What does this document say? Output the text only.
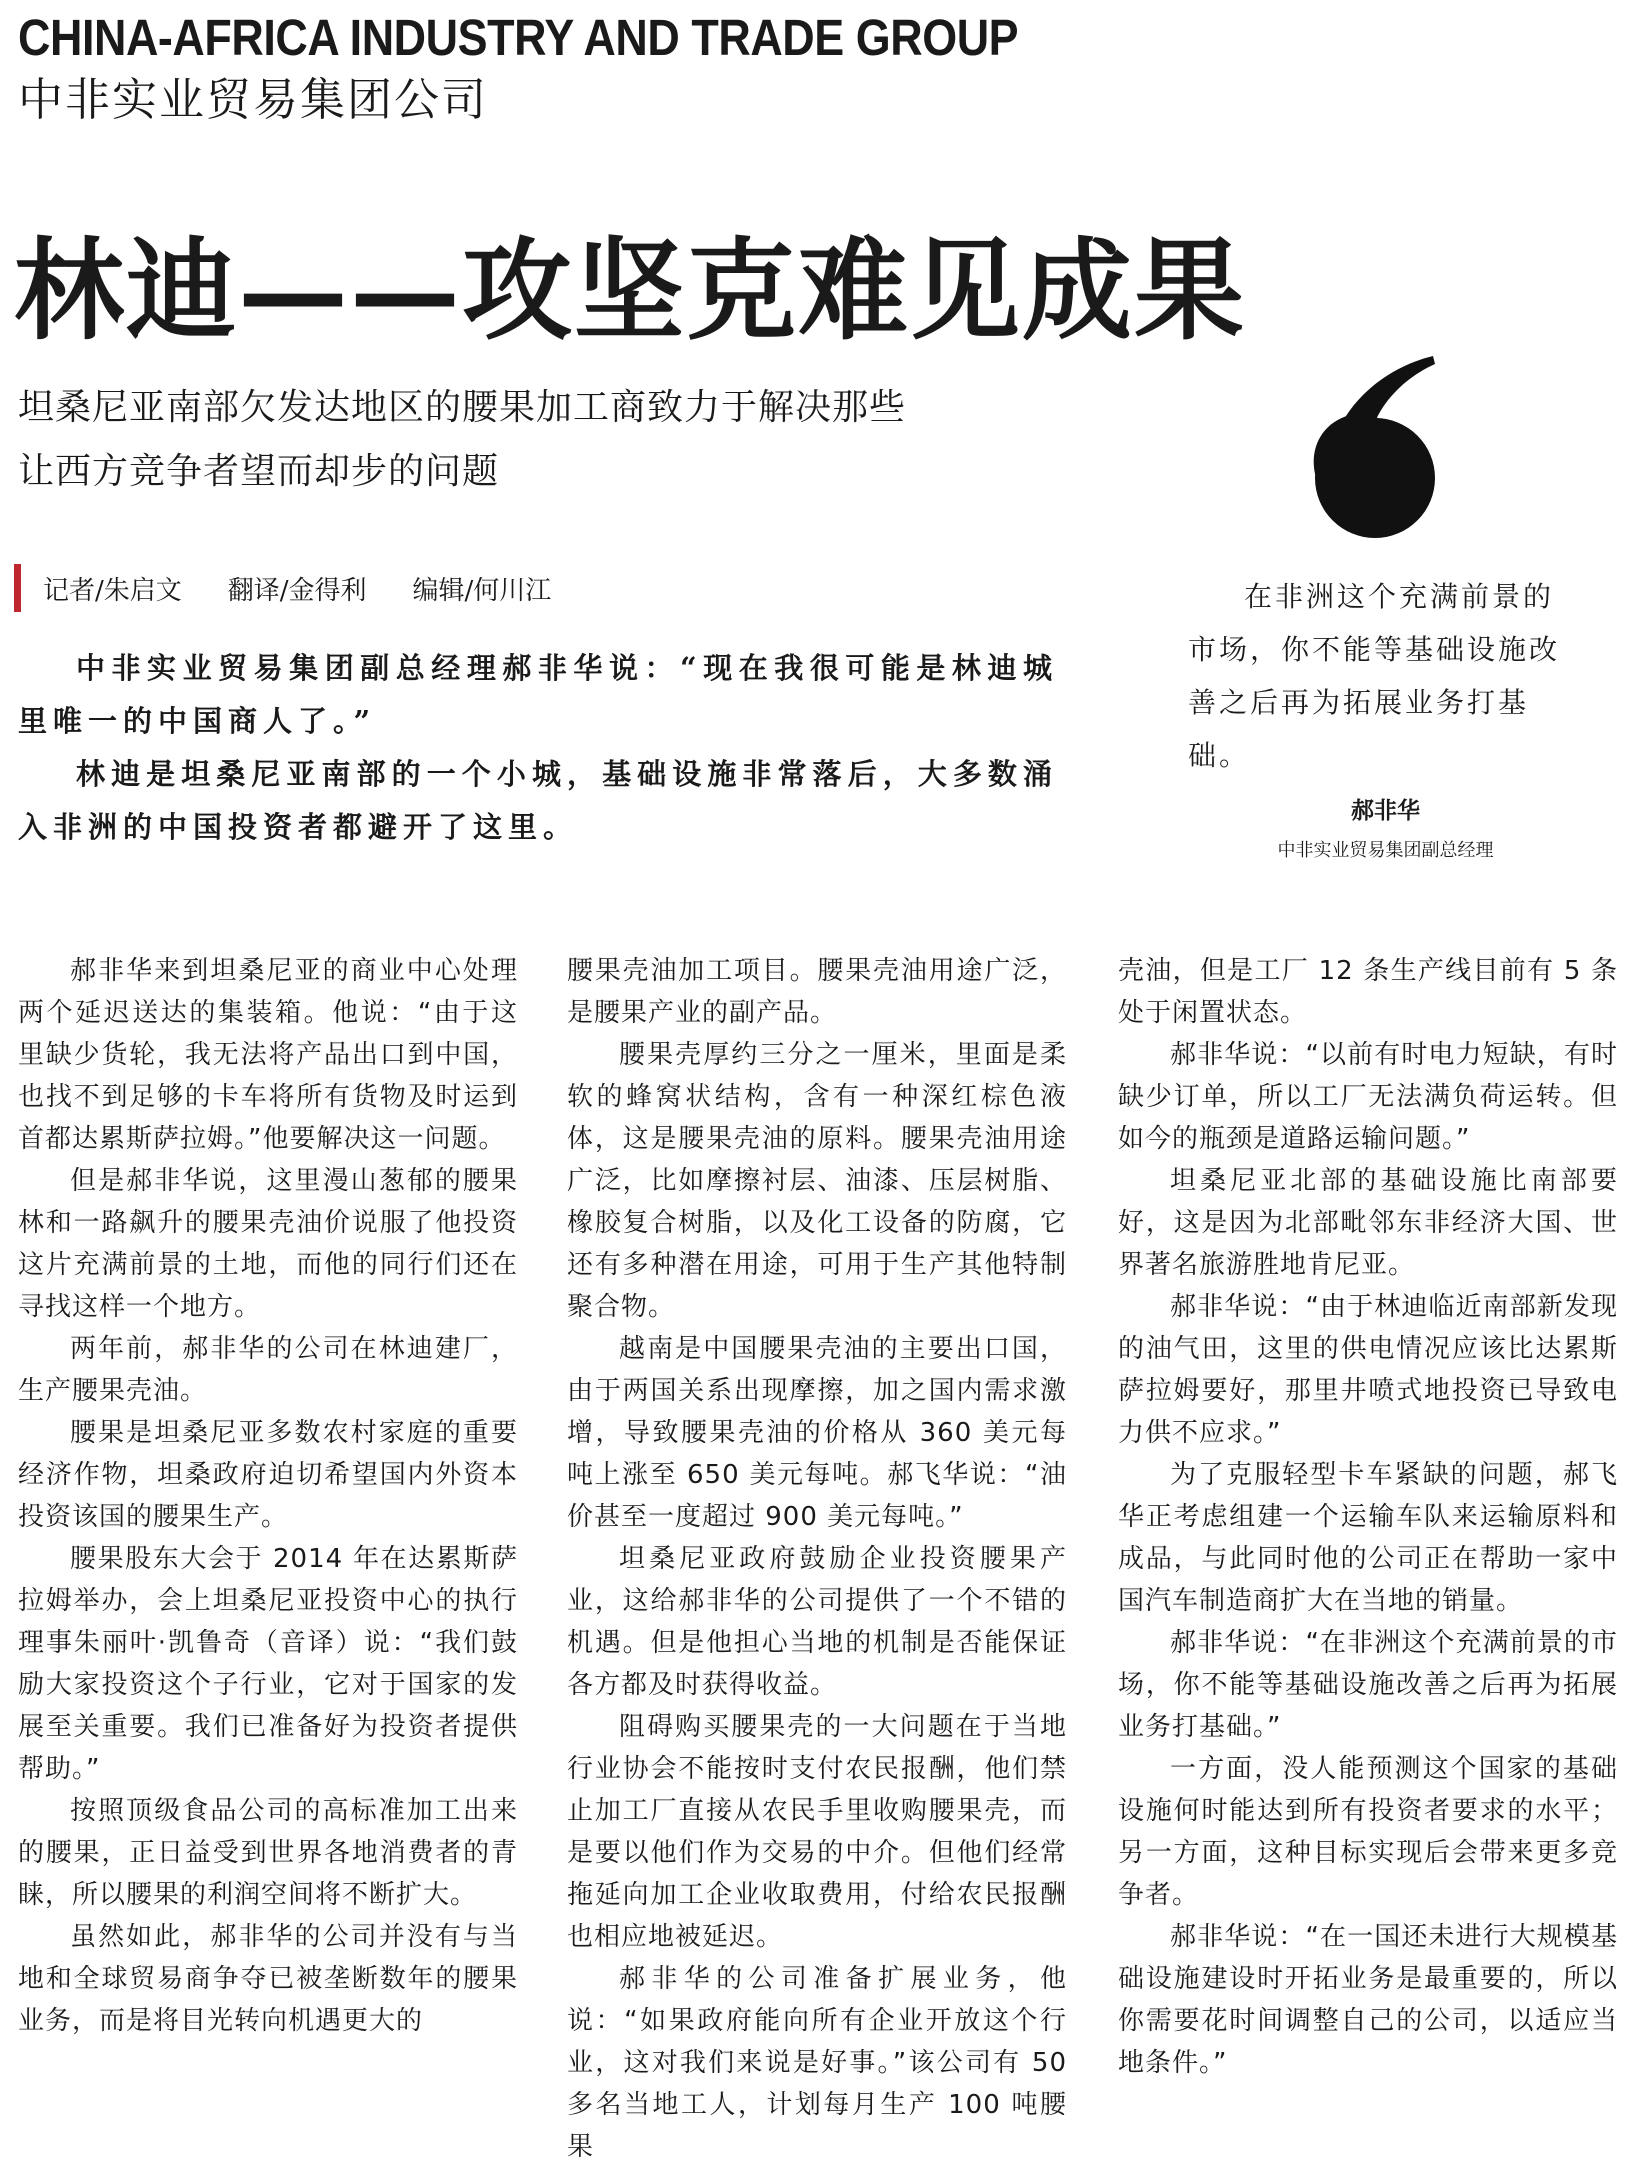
CHINA-AFRICA INDUSTRY AND TRADE GROUP
中非实业贸易集团公司
林迪——攻坚克难见成果
坦桑尼亚南部欠发达地区的腰果加工商致力于解决那些
让西方竞争者望而却步的问题
记者/朱启文 翻译/金得利 编辑/何川江

中非实业贸易集团副总经理郝非华说：“现在我很可能是林迪城里唯一的中国商人了。”

林迪是坦桑尼亚南部的一个小城，基础设施非常落后，大多数涌入非洲的中国投资者都避开了这里。

在非洲这个充满前景的市场，你不能等基础设施改善之后再为拓展业务打基础。

郝非华
中非实业贸易集团副总经理

郝非华来到坦桑尼亚的商业中心处理两个延迟送达的集装箱。他说：“由于这里缺少货轮，我无法将产品出口到中国，也找不到足够的卡车将所有货物及时运到首都达累斯萨拉姆。”他要解决这一问题。

但是郝非华说，这里漫山葱郁的腰果林和一路飙升的腰果壳油价说服了他投资这片充满前景的土地，而他的同行们还在寻找这样一个地方。

两年前，郝非华的公司在林迪建厂，生产腰果壳油。

腰果是坦桑尼亚多数农村家庭的重要经济作物，坦桑政府迫切希望国内外资本投资该国的腰果生产。

腰果股东大会于 2014 年在达累斯萨拉姆举办，会上坦桑尼亚投资中心的执行理事朱丽叶·凯鲁奇（音译）说：“我们鼓励大家投资这个子行业，它对于国家的发展至关重要。我们已准备好为投资者提供帮助。”

按照顶级食品公司的高标准加工出来的腰果，正日益受到世界各地消费者的青睐，所以腰果的利润空间将不断扩大。

虽然如此，郝非华的公司并没有与当地和全球贸易商争夺已被垄断数年的腰果业务，而是将目光转向机遇更大的

腰果壳油加工项目。腰果壳油用途广泛，是腰果产业的副产品。

腰果壳厚约三分之一厘米，里面是柔软的蜂窝状结构，含有一种深红棕色液体，这是腰果壳油的原料。腰果壳油用途广泛，比如摩擦衬层、油漆、压层树脂、橡胶复合树脂，以及化工设备的防腐，它还有多种潜在用途，可用于生产其他特制聚合物。

越南是中国腰果壳油的主要出口国，由于两国关系出现摩擦，加之国内需求激增，导致腰果壳油的价格从 360 美元每吨上涨至 650 美元每吨。郝飞华说：“油价甚至一度超过 900 美元每吨。”

坦桑尼亚政府鼓励企业投资腰果产业，这给郝非华的公司提供了一个不错的机遇。但是他担心当地的机制是否能保证各方都及时获得收益。

阻碍购买腰果壳的一大问题在于当地行业协会不能按时支付农民报酬，他们禁止加工厂直接从农民手里收购腰果壳，而是要以他们作为交易的中介。但他们经常拖延向加工企业收取费用，付给农民报酬也相应地被延迟。

郝非华的公司准备扩展业务，他说：“如果政府能向所有企业开放这个行业，这对我们来说是好事。”该公司有 50 多名当地工人，计划每月生产 100 吨腰果

壳油，但是工厂 12 条生产线目前有 5 条处于闲置状态。

郝非华说：“以前有时电力短缺，有时缺少订单，所以工厂无法满负荷运转。但如今的瓶颈是道路运输问题。”

坦桑尼亚北部的基础设施比南部要好，这是因为北部毗邻东非经济大国、世界著名旅游胜地肯尼亚。

郝非华说：“由于林迪临近南部新发现的油气田，这里的供电情况应该比达累斯萨拉姆要好，那里井喷式地投资已导致电力供不应求。”

为了克服轻型卡车紧缺的问题，郝飞华正考虑组建一个运输车队来运输原料和成品，与此同时他的公司正在帮助一家中国汽车制造商扩大在当地的销量。

郝非华说：“在非洲这个充满前景的市场，你不能等基础设施改善之后再为拓展业务打基础。”

一方面，没人能预测这个国家的基础设施何时能达到所有投资者要求的水平；另一方面，这种目标实现后会带来更多竞争者。

郝非华说：“在一国还未进行大规模基础设施建设时开拓业务是最重要的，所以你需要花时间调整自己的公司，以适应当地条件。”
